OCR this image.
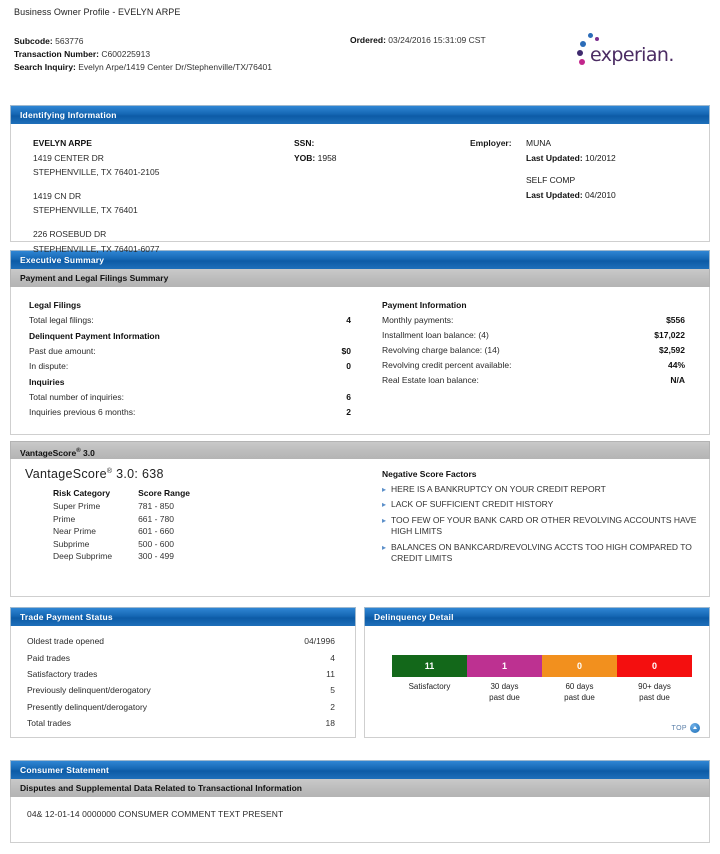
Business Owner Profile - EVELYN ARPE
Subcode: 563776
Transaction Number: C600225913
Search Inquiry: Evelyn Arpe/1419 Center Dr/Stephenville/TX/76401
Ordered: 03/24/2016 15:31:09 CST
experian.
Identifying Information
EVELYN ARPE
1419 CENTER DR
STEPHENVILLE, TX 76401-2105
1419 CN DR
STEPHENVILLE, TX 76401
226 ROSEBUD DR
STEPHENVILLE, TX 76401-6077
SSN:
YOB: 1958
Employer:	MUNA
Last Updated: 10/2012
SELF COMP
Last Updated: 04/2010
Executive Summary
Payment and Legal Filings Summary
Legal Filings
Total legal filings:	4
Delinquent Payment Information
Past due amount:	$0
In dispute:	0
Inquiries
Total number of inquiries:	6
Inquiries previous 6 months:	2
Payment Information
Monthly payments:	$556
Installment loan balance: (4)	$17,022
Revolving charge balance: (14)	$2,592
Revolving credit percent available:	44%
Real Estate loan balance:	N/A
VantageScore® 3.0
VantageScore® 3.0: 638
Risk Category	Score Range
Super Prime	781 - 850
Prime	661 - 780
Near Prime	601 - 660
Subprime	500 - 600
Deep Subprime	300 - 499
Negative Score Factors
▸ HERE IS A BANKRUPTCY ON YOUR CREDIT REPORT
▸ LACK OF SUFFICIENT CREDIT HISTORY
▸ TOO FEW OF YOUR BANK CARD OR OTHER REVOLVING ACCOUNTS HAVE HIGH LIMITS
▸ BALANCES ON BANKCARD/REVOLVING ACCTS TOO HIGH COMPARED TO CREDIT LIMITS
Trade Payment Status
Oldest trade opened	04/1996
Paid trades	4
Satisfactory trades	11
Previously delinquent/derogatory	5
Presently delinquent/derogatory	2
Total trades	18
Delinquency Detail
11
Satisfactory
1
30 days
past due
0
60 days
past due
0
90+ days
past due
TOP
Consumer Statement
Disputes and Supplemental Data Related to Transactional Information
04& 12-01-14 0000000 CONSUMER COMMENT TEXT PRESENT
